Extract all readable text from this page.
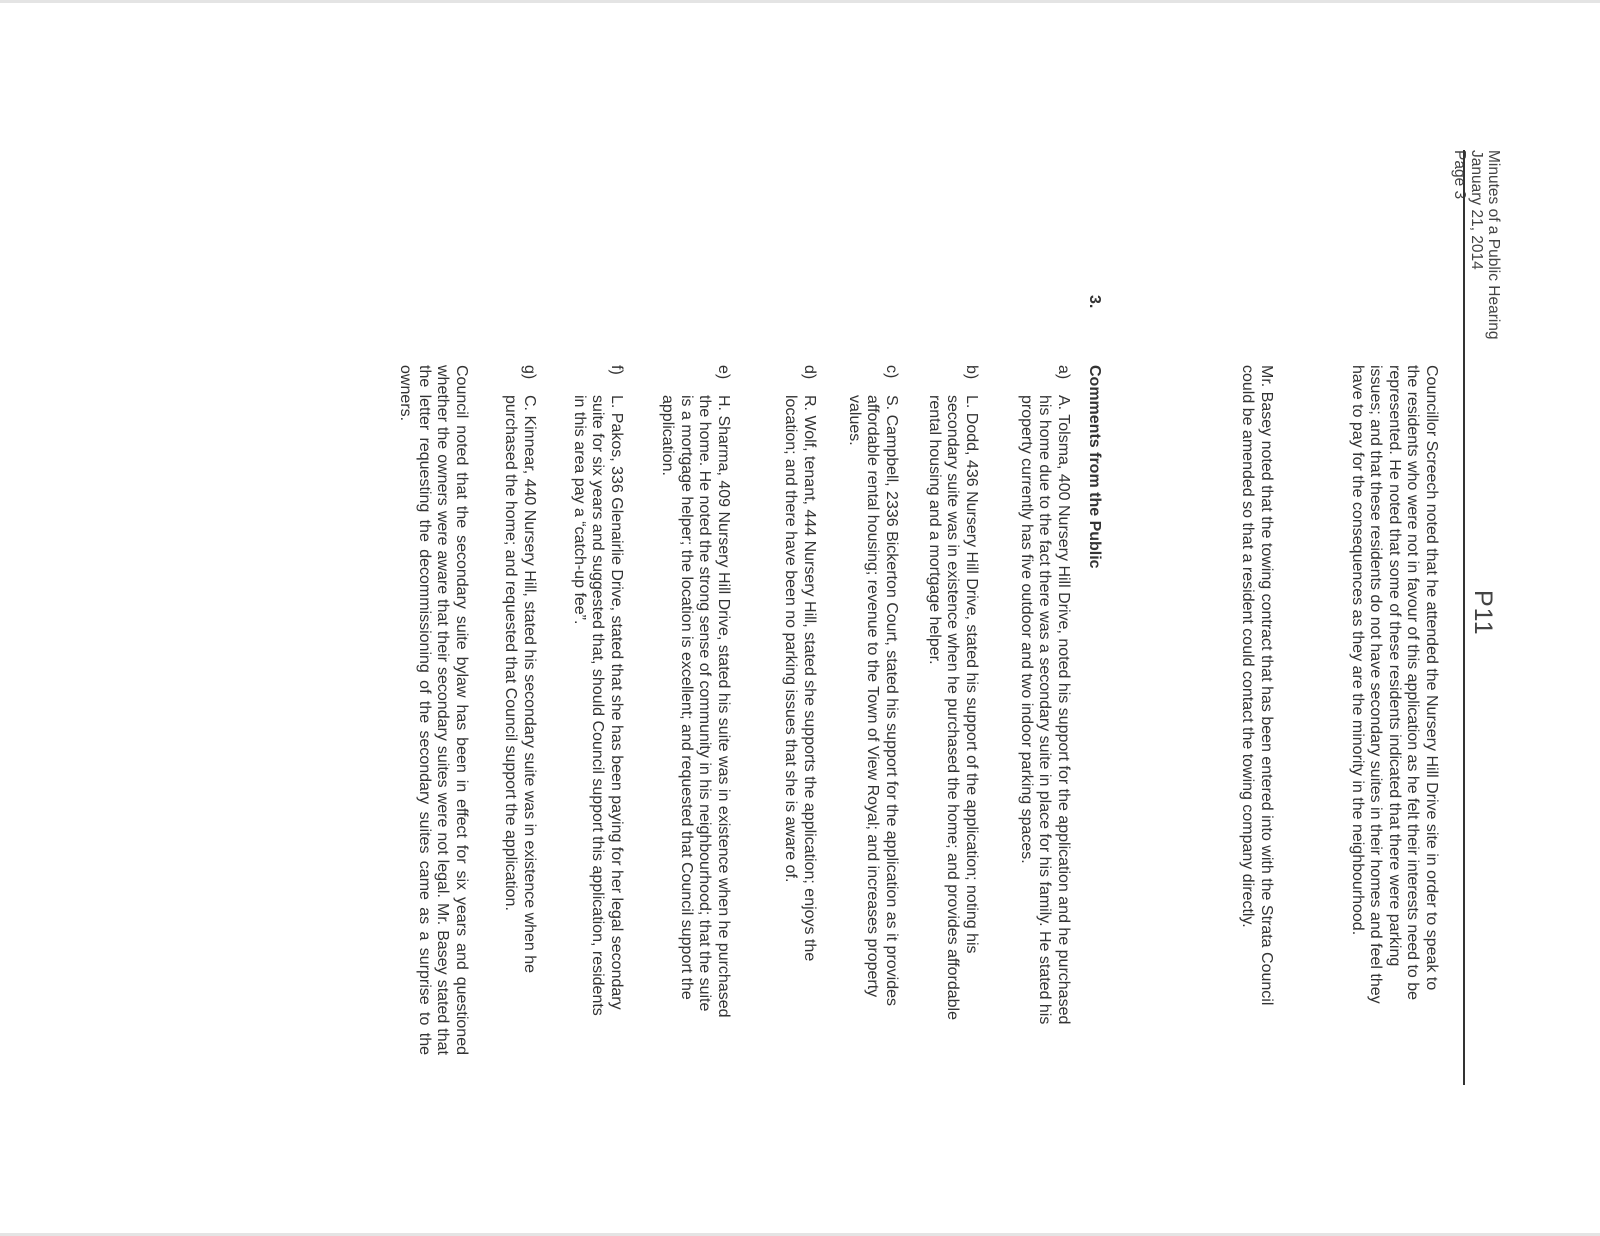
Minutes of a Public Hearing
January 21, 2014
Page 3
P11

Councillor Screech noted that he attended the Nursery Hill Drive site in order to speak to the residents who were not in favour of this application as he felt their interests need to be represented. He noted that some of these residents indicated that there were parking issues; and that these residents do not have secondary suites in their homes and feel they have to pay for the consequences as they are the minority in the neighbourhood.

Mr. Basey noted that the towing contract that has been entered into with the Strata Council could be amended so that a resident could contact the towing company directly.

3.

Comments from the Public

a)

A. Tolsma, 400 Nursery Hill Drive, noted his support for the application and he purchased his home due to the fact there was a secondary suite in place for his family. He stated his property currently has five outdoor and two indoor parking spaces.

b)

L. Dodd, 436 Nursery Hill Drive, stated his support of the application; noting his secondary suite was in existence when he purchased the home; and provides affordable rental housing and a mortgage helper.

c)

S. Campbell, 2336 Bickerton Court, stated his support for the application as it provides affordable rental housing; revenue to the Town of View Royal; and increases property values.

d)

R. Wolf, tenant, 444 Nursery Hill, stated she supports the application; enjoys the location; and there have been no parking issues that she is aware of.

e)

H. Sharma, 409 Nursery Hill Drive, stated his suite was in existence when he purchased the home. He noted the strong sense of community in his neighbourhood; that the suite is a mortgage helper; the location is excellent; and requested that Council support the application.

f)

L. Pakos, 336 Glenairlie Drive, stated that she has been paying for her legal secondary suite for six years and suggested that, should Council support this application, residents in this area pay a “catch-up fee”.

g)

C. Kinnear, 440 Nursery Hill, stated his secondary suite was in existence when he purchased the home; and requested that Council support the application.

Council noted that the secondary suite bylaw has been in effect for six years and questioned whether the owners were aware that their secondary suites were not legal. Mr. Basey stated that the letter requesting the decommissioning of the secondary suites came as a surprise to the owners.
